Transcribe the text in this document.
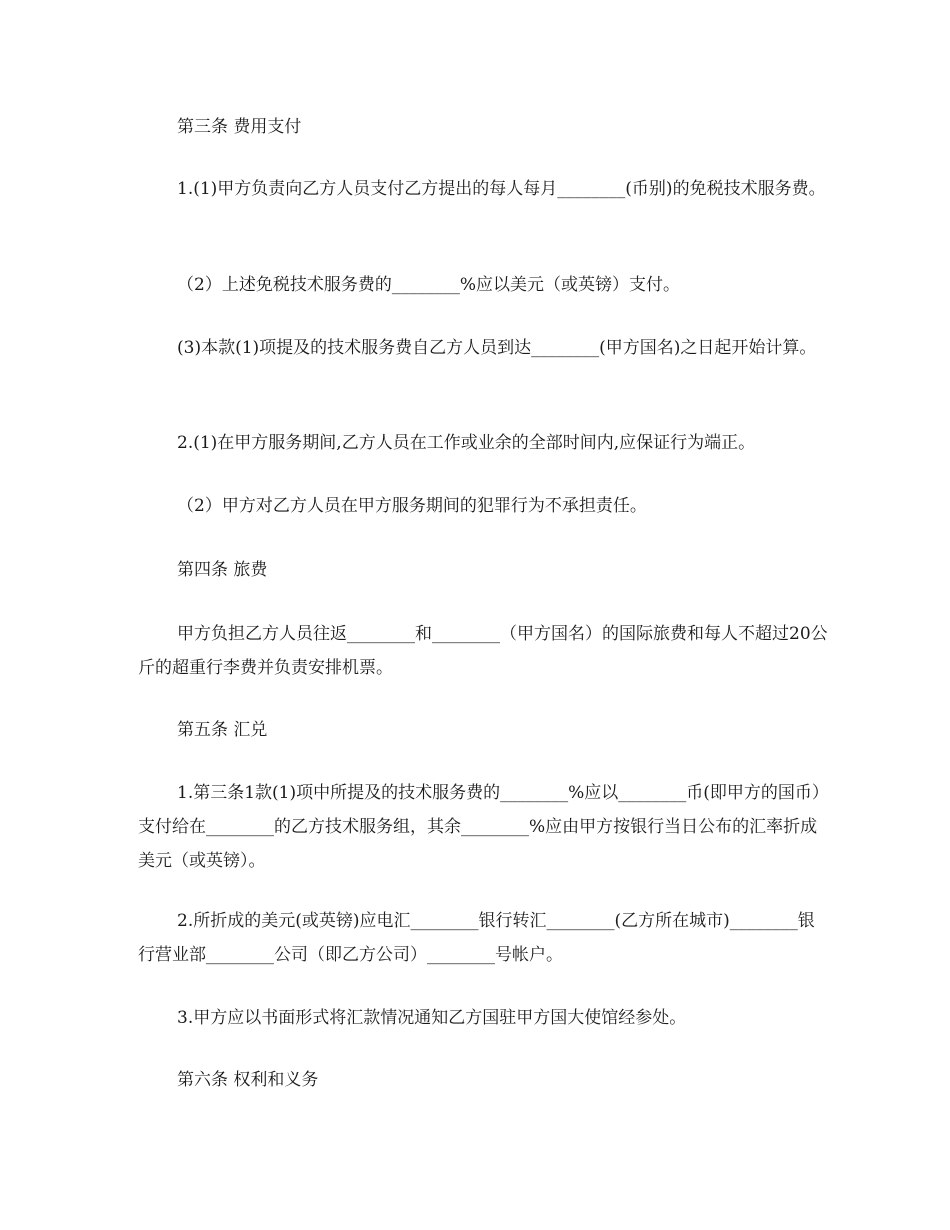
第三条 费用支付

1.(1)甲方负责向乙方人员支付乙方提出的每人每月________(币别)的免税技术服务费。

（2）上述免税技术服务费的________%应以美元（或英镑）支付。

(3)本款(1)项提及的技术服务费自乙方人员到达________(甲方国名)之日起开始计算。

2.(1)在甲方服务期间,乙方人员在工作或业余的全部时间内,应保证行为端正。

（2）甲方对乙方人员在甲方服务期间的犯罪行为不承担责任。

第四条 旅费

甲方负担乙方人员往返________和________（甲方国名）的国际旅费和每人不超过20公斤的超重行李费并负责安排机票。

第五条 汇兑

1.第三条1款(1)项中所提及的技术服务费的________%应以________币(即甲方的国币）支付给在________的乙方技术服务组，其余________%应由甲方按银行当日公布的汇率折成美元（或英镑）。

2.所折成的美元(或英镑)应电汇________银行转汇________(乙方所在城市)________银行营业部________公司（即乙方公司）________号帐户。

3.甲方应以书面形式将汇款情况通知乙方国驻甲方国大使馆经参处。

第六条 权利和义务
